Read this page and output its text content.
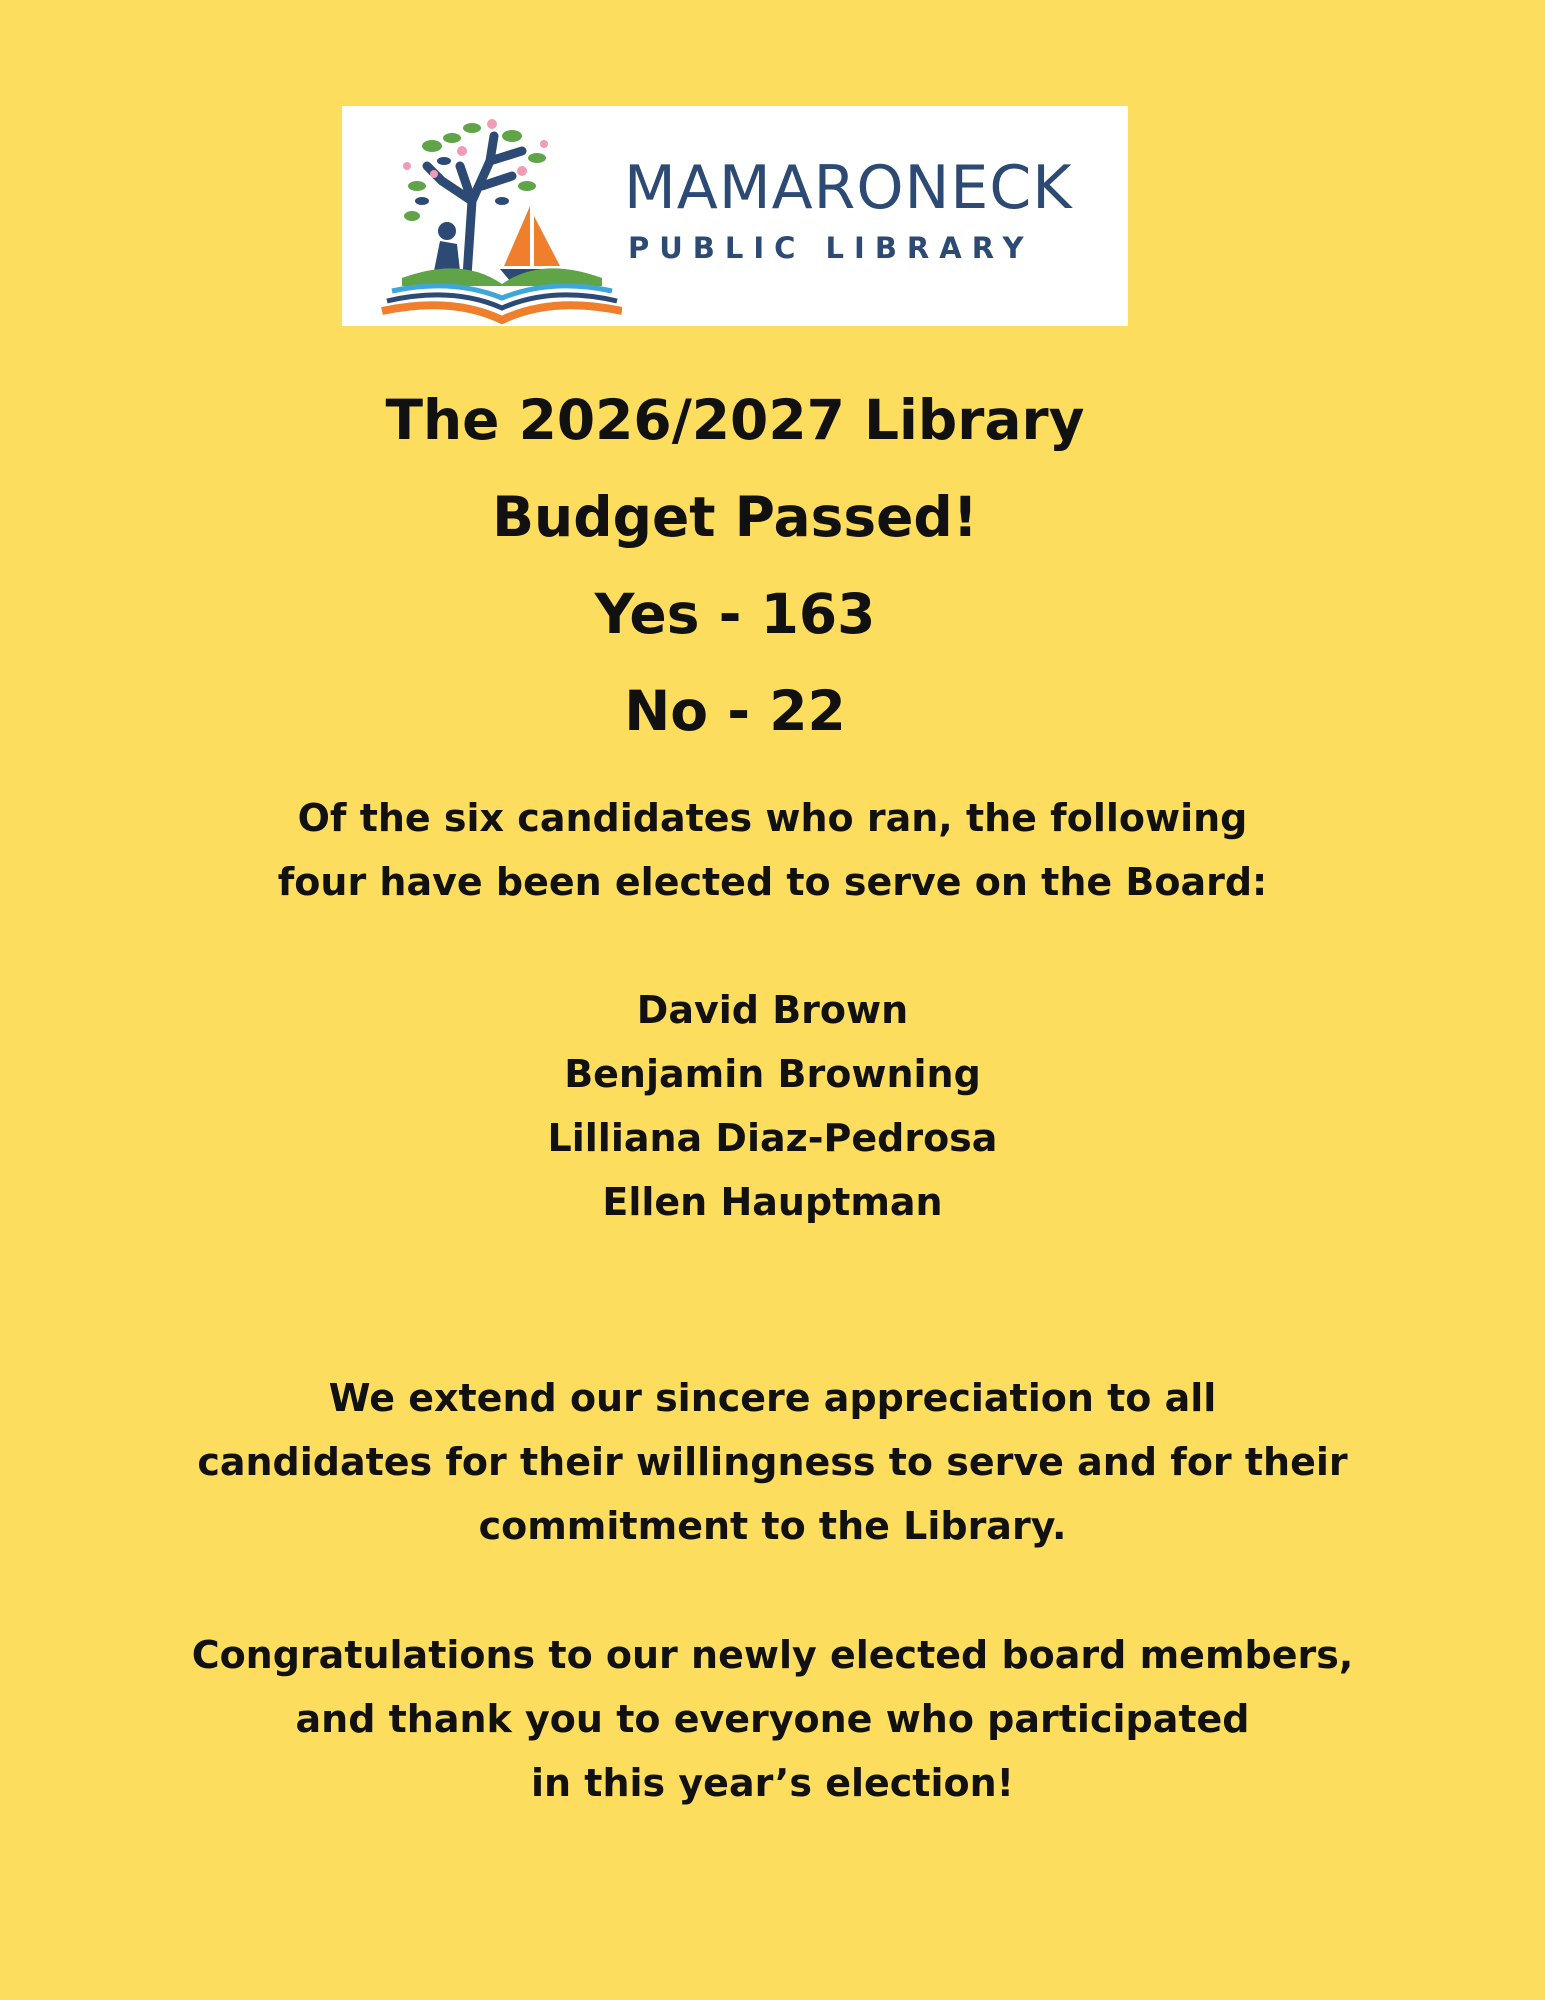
MAMARONECK
PUBLIC LIBRARY
The 2026/2027 Library
Budget Passed!
Yes - 163
No - 22
Of the six candidates who ran, the following
four have been elected to serve on the Board:
David Brown
Benjamin Browning
Lilliana Diaz-Pedrosa
Ellen Hauptman
We extend our sincere appreciation to all
candidates for their willingness to serve and for their
commitment to the Library.
Congratulations to our newly elected board members,
and thank you to everyone who participated
in this year’s election!
